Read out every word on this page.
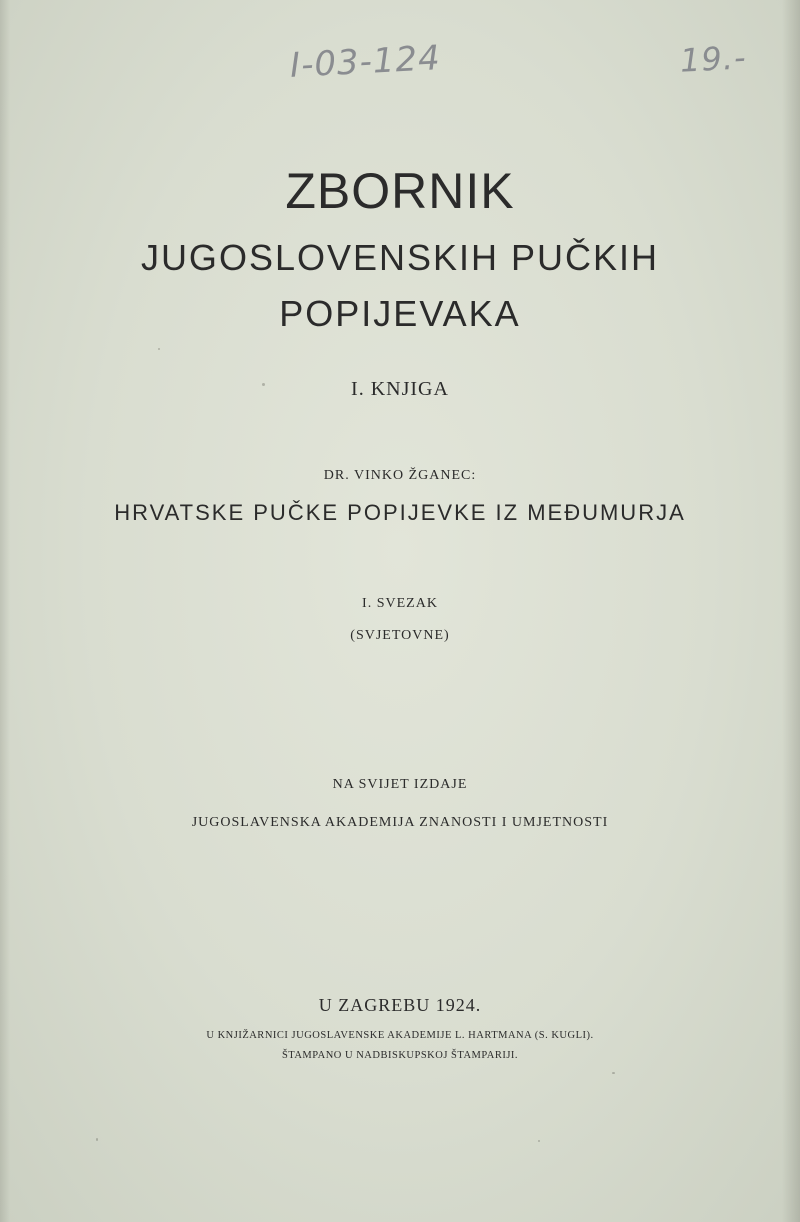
I-03-124	19.-
ZBORNIK
JUGOSLOVENSKIH PUČKIH
POPIJEVAKA
I. KNJIGA
DR. VINKO ŽGANEC:
HRVATSKE PUČKE POPIJEVKE IZ MEĐUMURJA
I. SVEZAK
(SVJETOVNE)
NA SVIJET IZDAJE
JUGOSLAVENSKA AKADEMIJA ZNANOSTI I UMJETNOSTI
U ZAGREBU 1924.
U KNJIŽARNICI JUGOSLAVENSKE AKADEMIJE L. HARTMANA (S. KUGLI).
ŠTAMPANO U NADBISKUPSKOJ ŠTAMPARIJI.
